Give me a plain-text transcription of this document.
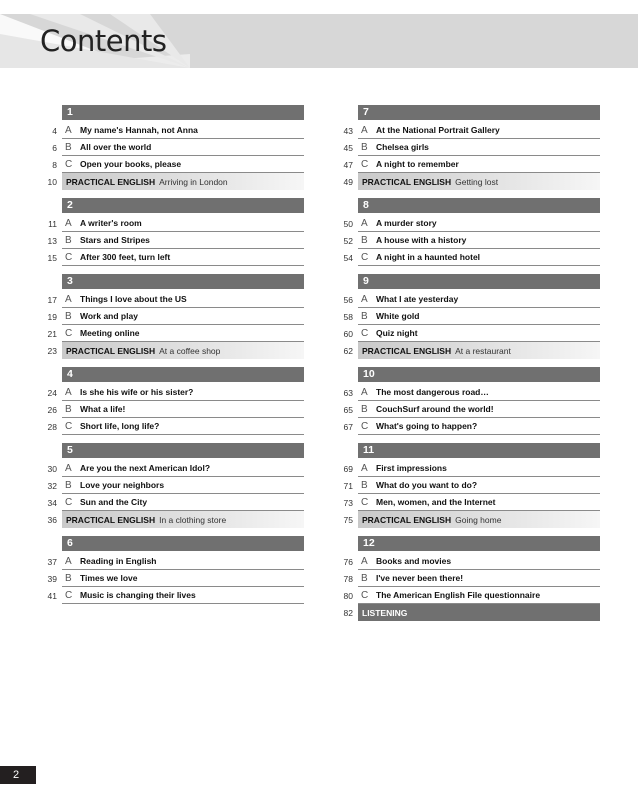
Contents
1
4 A My name's Hannah, not Anna
6 B All over the world
8 C Open your books, please
10 PRACTICAL ENGLISH Arriving in London
2
11 A A writer's room
13 B Stars and Stripes
15 C After 300 feet, turn left
3
17 A Things I love about the US
19 B Work and play
21 C Meeting online
23 PRACTICAL ENGLISH At a coffee shop
4
24 A Is she his wife or his sister?
26 B What a life!
28 C Short life, long life?
5
30 A Are you the next American Idol?
32 B Love your neighbors
34 C Sun and the City
36 PRACTICAL ENGLISH In a clothing store
6
37 A Reading in English
39 B Times we love
41 C Music is changing their lives
7
43 A At the National Portrait Gallery
45 B Chelsea girls
47 C A night to remember
49 PRACTICAL ENGLISH Getting lost
8
50 A A murder story
52 B A house with a history
54 C A night in a haunted hotel
9
56 A What I ate yesterday
58 B White gold
60 C Quiz night
62 PRACTICAL ENGLISH At a restaurant
10
63 A The most dangerous road…
65 B CouchSurf around the world!
67 C What's going to happen?
11
69 A First impressions
71 B What do you want to do?
73 C Men, women, and the Internet
75 PRACTICAL ENGLISH Going home
12
76 A Books and movies
78 B I've never been there!
80 C The American English File questionnaire
82 LISTENING
2
